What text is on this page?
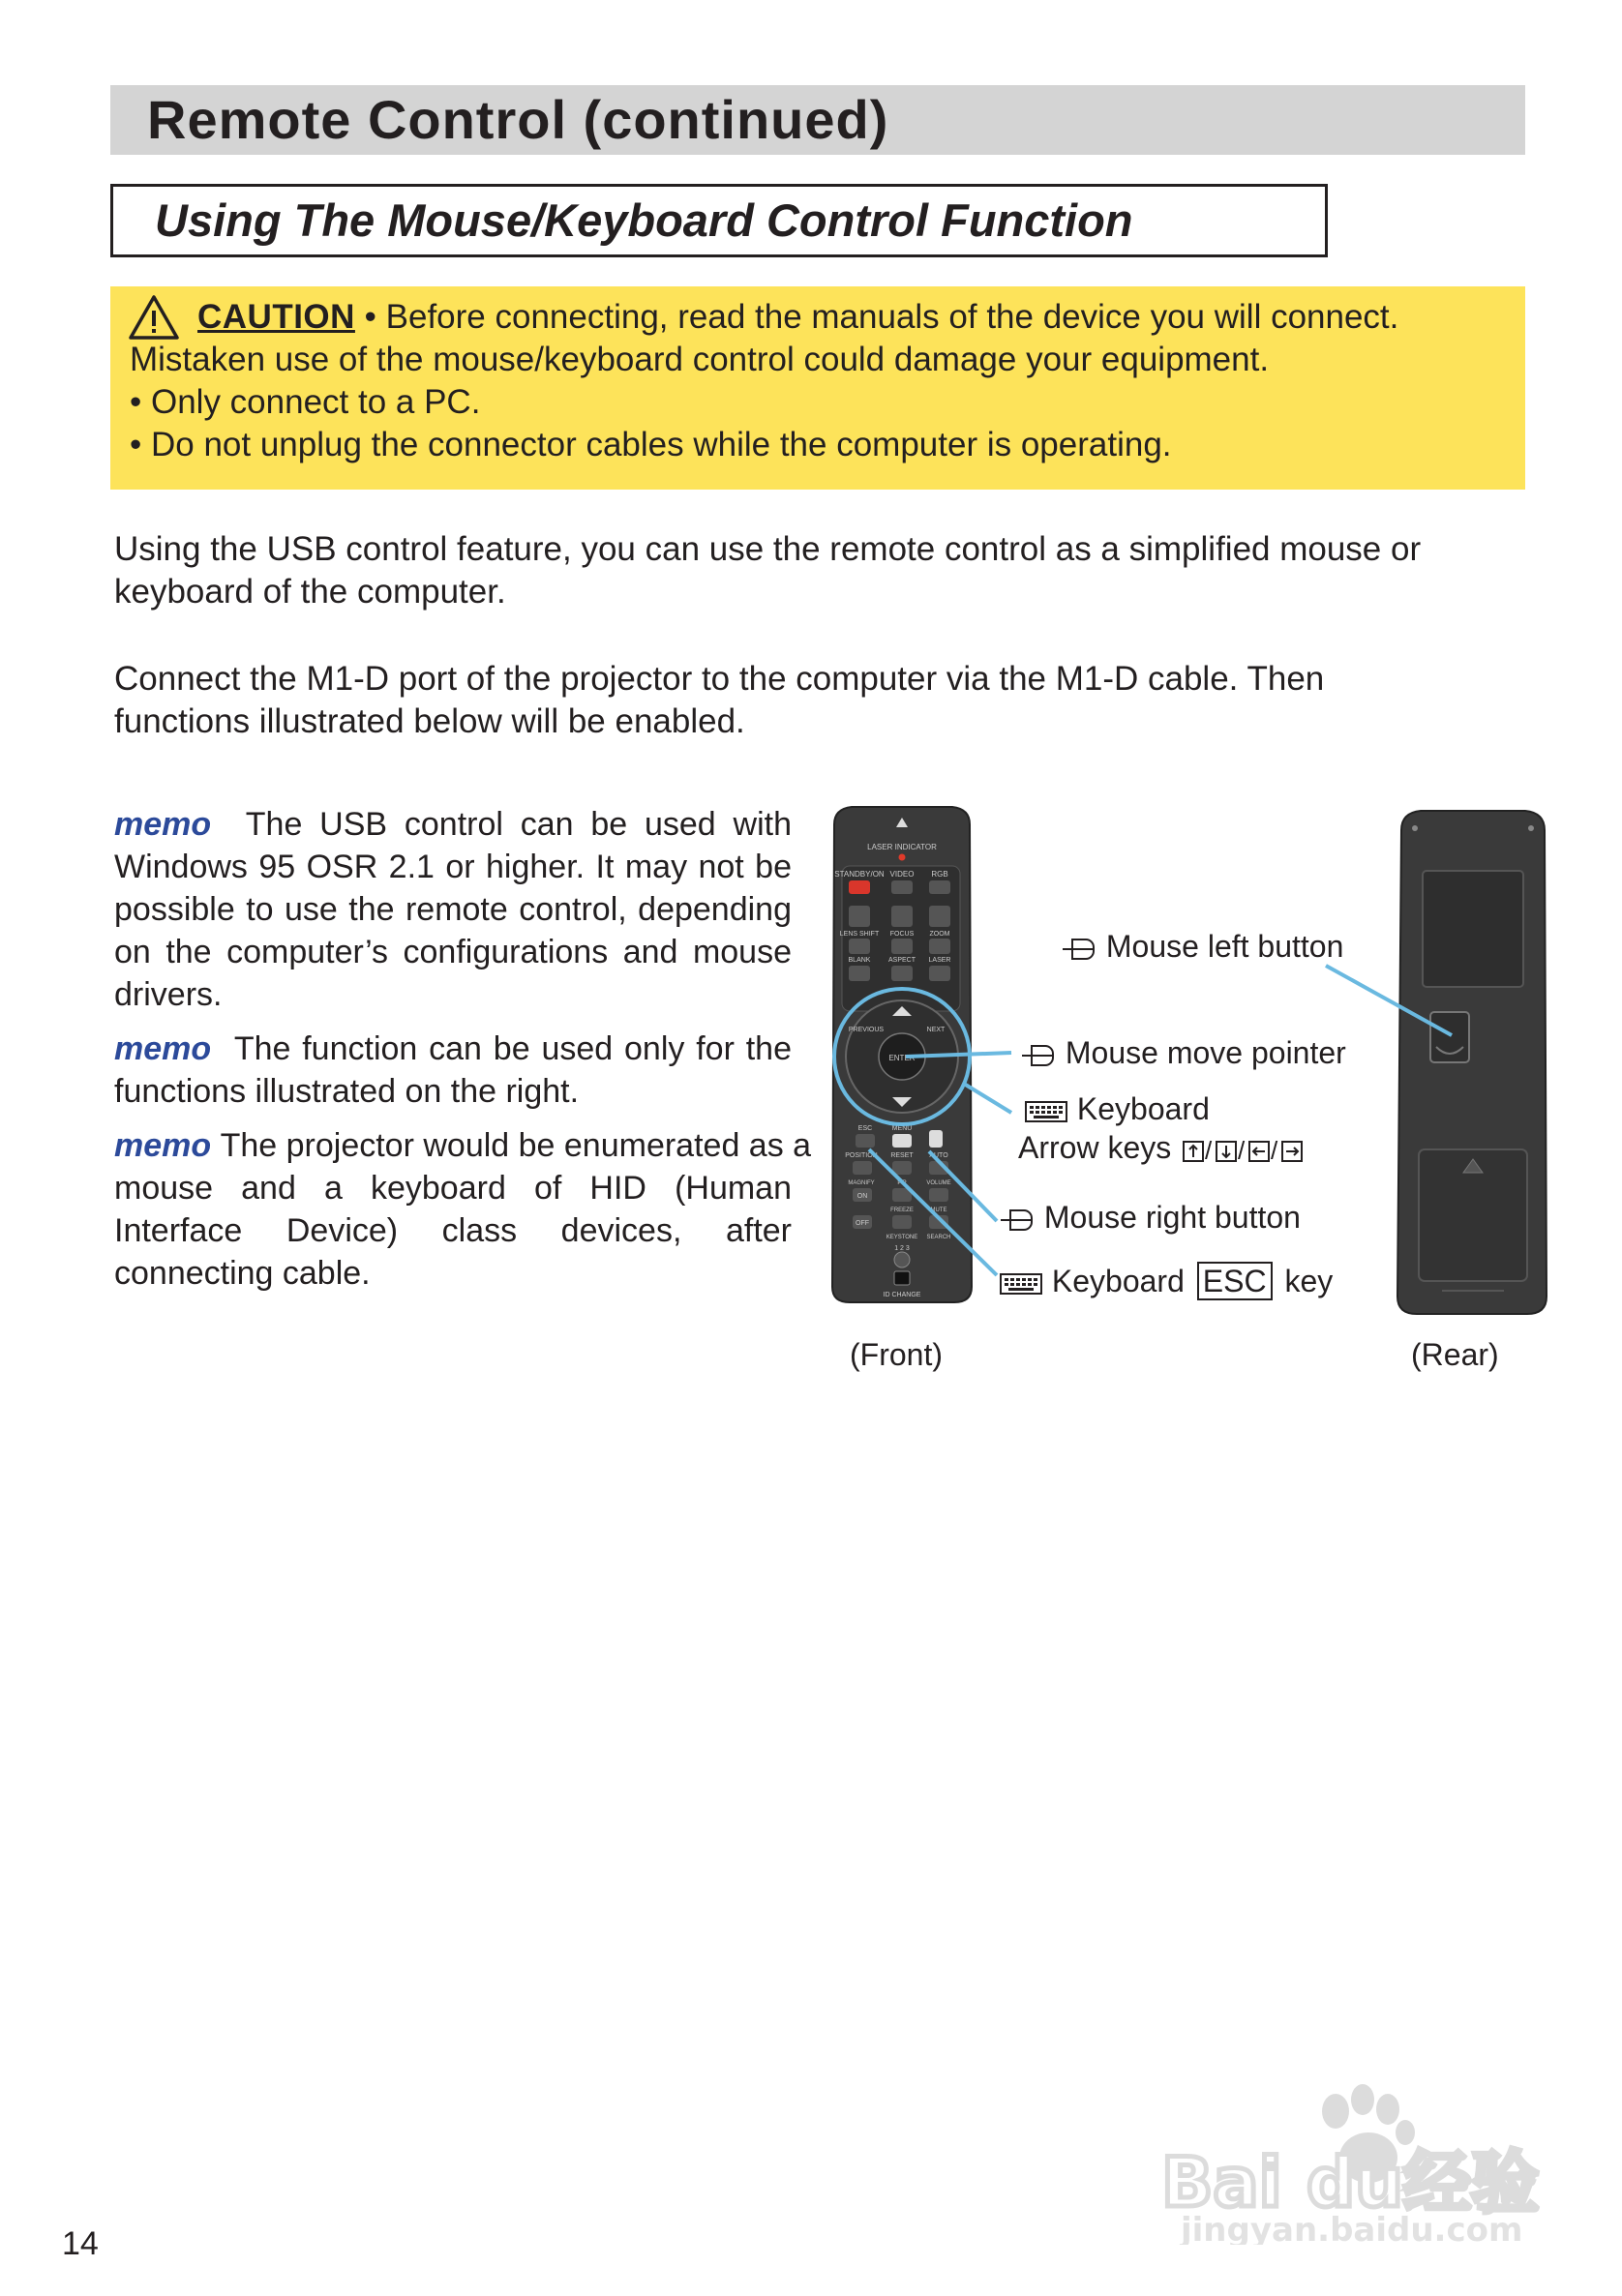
Remote Control (continued)
Using The Mouse/Keyboard Control Function
CAUTION • Before connecting, read the manuals of the device you will connect.
Mistaken use of the mouse/keyboard control could damage your equipment.
• Only connect to a PC.
• Do not unplug the connector cables while the computer is operating.
Using the USB control feature, you can use the remote control as a simplified mouse or
keyboard of the computer.
Connect the M1-D port of the projector to the computer via the M1-D cable. Then
functions illustrated below will be enabled.
memo The USB control can be used with
Windows 95 OSR 2.1 or higher. It may not be
possible to use the remote control, depending
on the computer’s configurations and mouse
drivers.
memo The function can be used only for the
functions illustrated on the right.
memo The projector would be enumerated as a
mouse and a keyboard of HID (Human
Interface Device) class devices, after
connecting cable.
LASER INDICATOR
STANDBY/ON VIDEO RGB
LENS SHIFT FOCUS ZOOM
BLANK	ASPECT LASER
PREVIOUS	NEXT
ENTER
ESC	MENU
POSITION RESET AUTO
MAGNIFY	PiP	VOLUME
ON
FREEZE	MUTE
OFF
KEYSTONE SEARCH
1 2 3
ID CHANGE
Mouse left button
Mouse move pointer
Keyboard
Arrow keys / / /
Mouse right button
Keyboard ESC key
(Front)	(Rear)
14
Bai du 经验
jingyan.baidu.com
